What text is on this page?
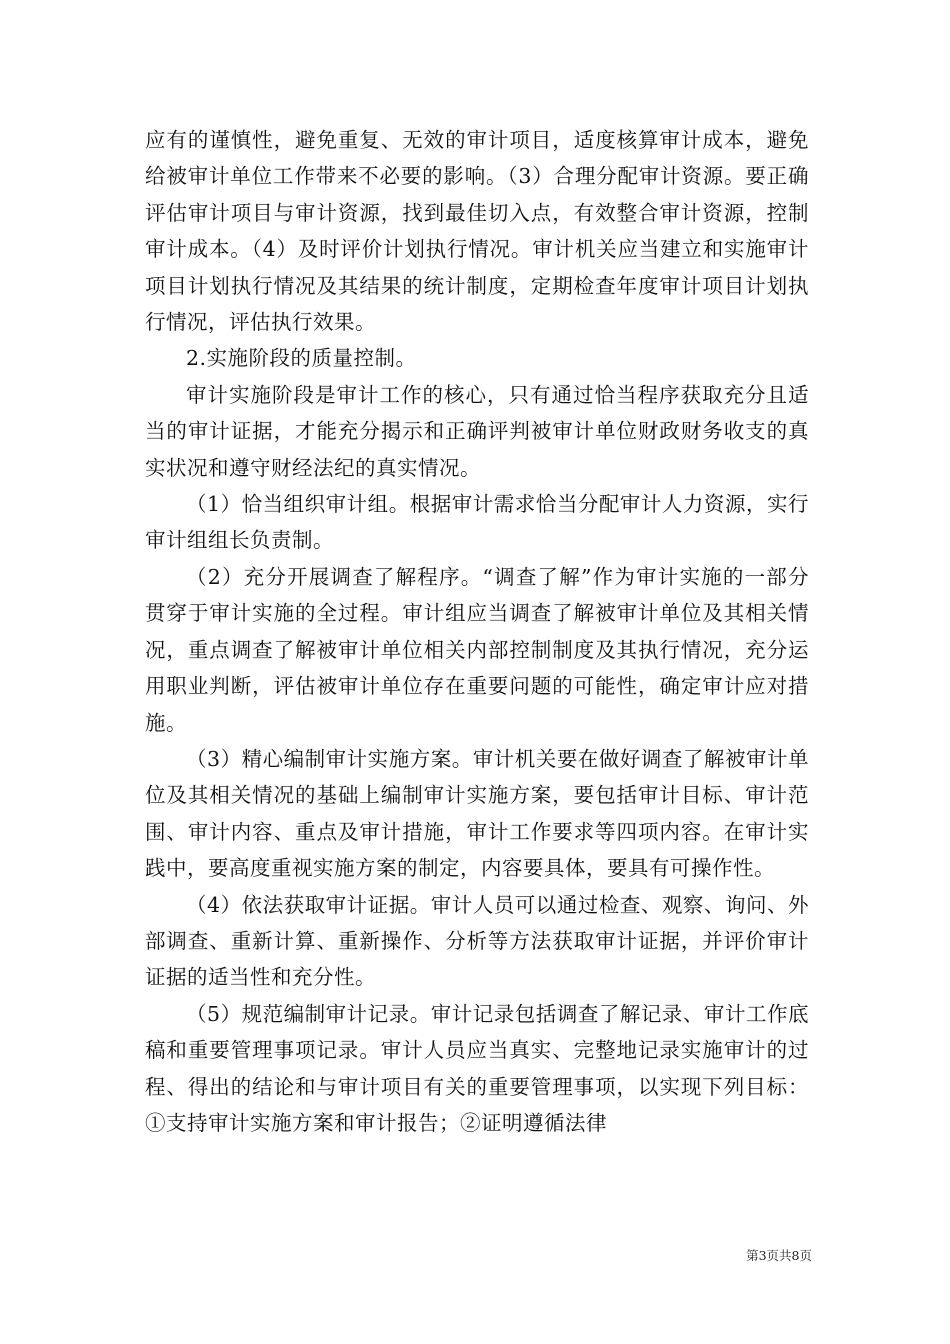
应有的谨慎性，避免重复、无效的审计项目，适度核算审计成本，避免给被审计单位工作带来不必要的影响。（3）合理分配审计资源。要正确评估审计项目与审计资源，找到最佳切入点，有效整合审计资源，控制审计成本。（4）及时评价计划执行情况。审计机关应当建立和实施审计项目计划执行情况及其结果的统计制度，定期检查年度审计项目计划执行情况，评估执行效果。

2.实施阶段的质量控制。

审计实施阶段是审计工作的核心，只有通过恰当程序获取充分且适当的审计证据，才能充分揭示和正确评判被审计单位财政财务收支的真实状况和遵守财经法纪的真实情况。

（1）恰当组织审计组。根据审计需求恰当分配审计人力资源，实行审计组组长负责制。

（2）充分开展调查了解程序。“调查了解”作为审计实施的一部分贯穿于审计实施的全过程。审计组应当调查了解被审计单位及其相关情况，重点调查了解被审计单位相关内部控制制度及其执行情况，充分运用职业判断，评估被审计单位存在重要问题的可能性，确定审计应对措施。

（3）精心编制审计实施方案。审计机关要在做好调查了解被审计单位及其相关情况的基础上编制审计实施方案，要包括审计目标、审计范围、审计内容、重点及审计措施，审计工作要求等四项内容。在审计实践中，要高度重视实施方案的制定，内容要具体，要具有可操作性。

（4）依法获取审计证据。审计人员可以通过检查、观察、询问、外部调查、重新计算、重新操作、分析等方法获取审计证据，并评价审计证据的适当性和充分性。

（5）规范编制审计记录。审计记录包括调查了解记录、审计工作底稿和重要管理事项记录。审计人员应当真实、完整地记录实施审计的过程、得出的结论和与审计项目有关的重要管理事项，以实现下列目标：①支持审计实施方案和审计报告；②证明遵循法律

第3页共8页
